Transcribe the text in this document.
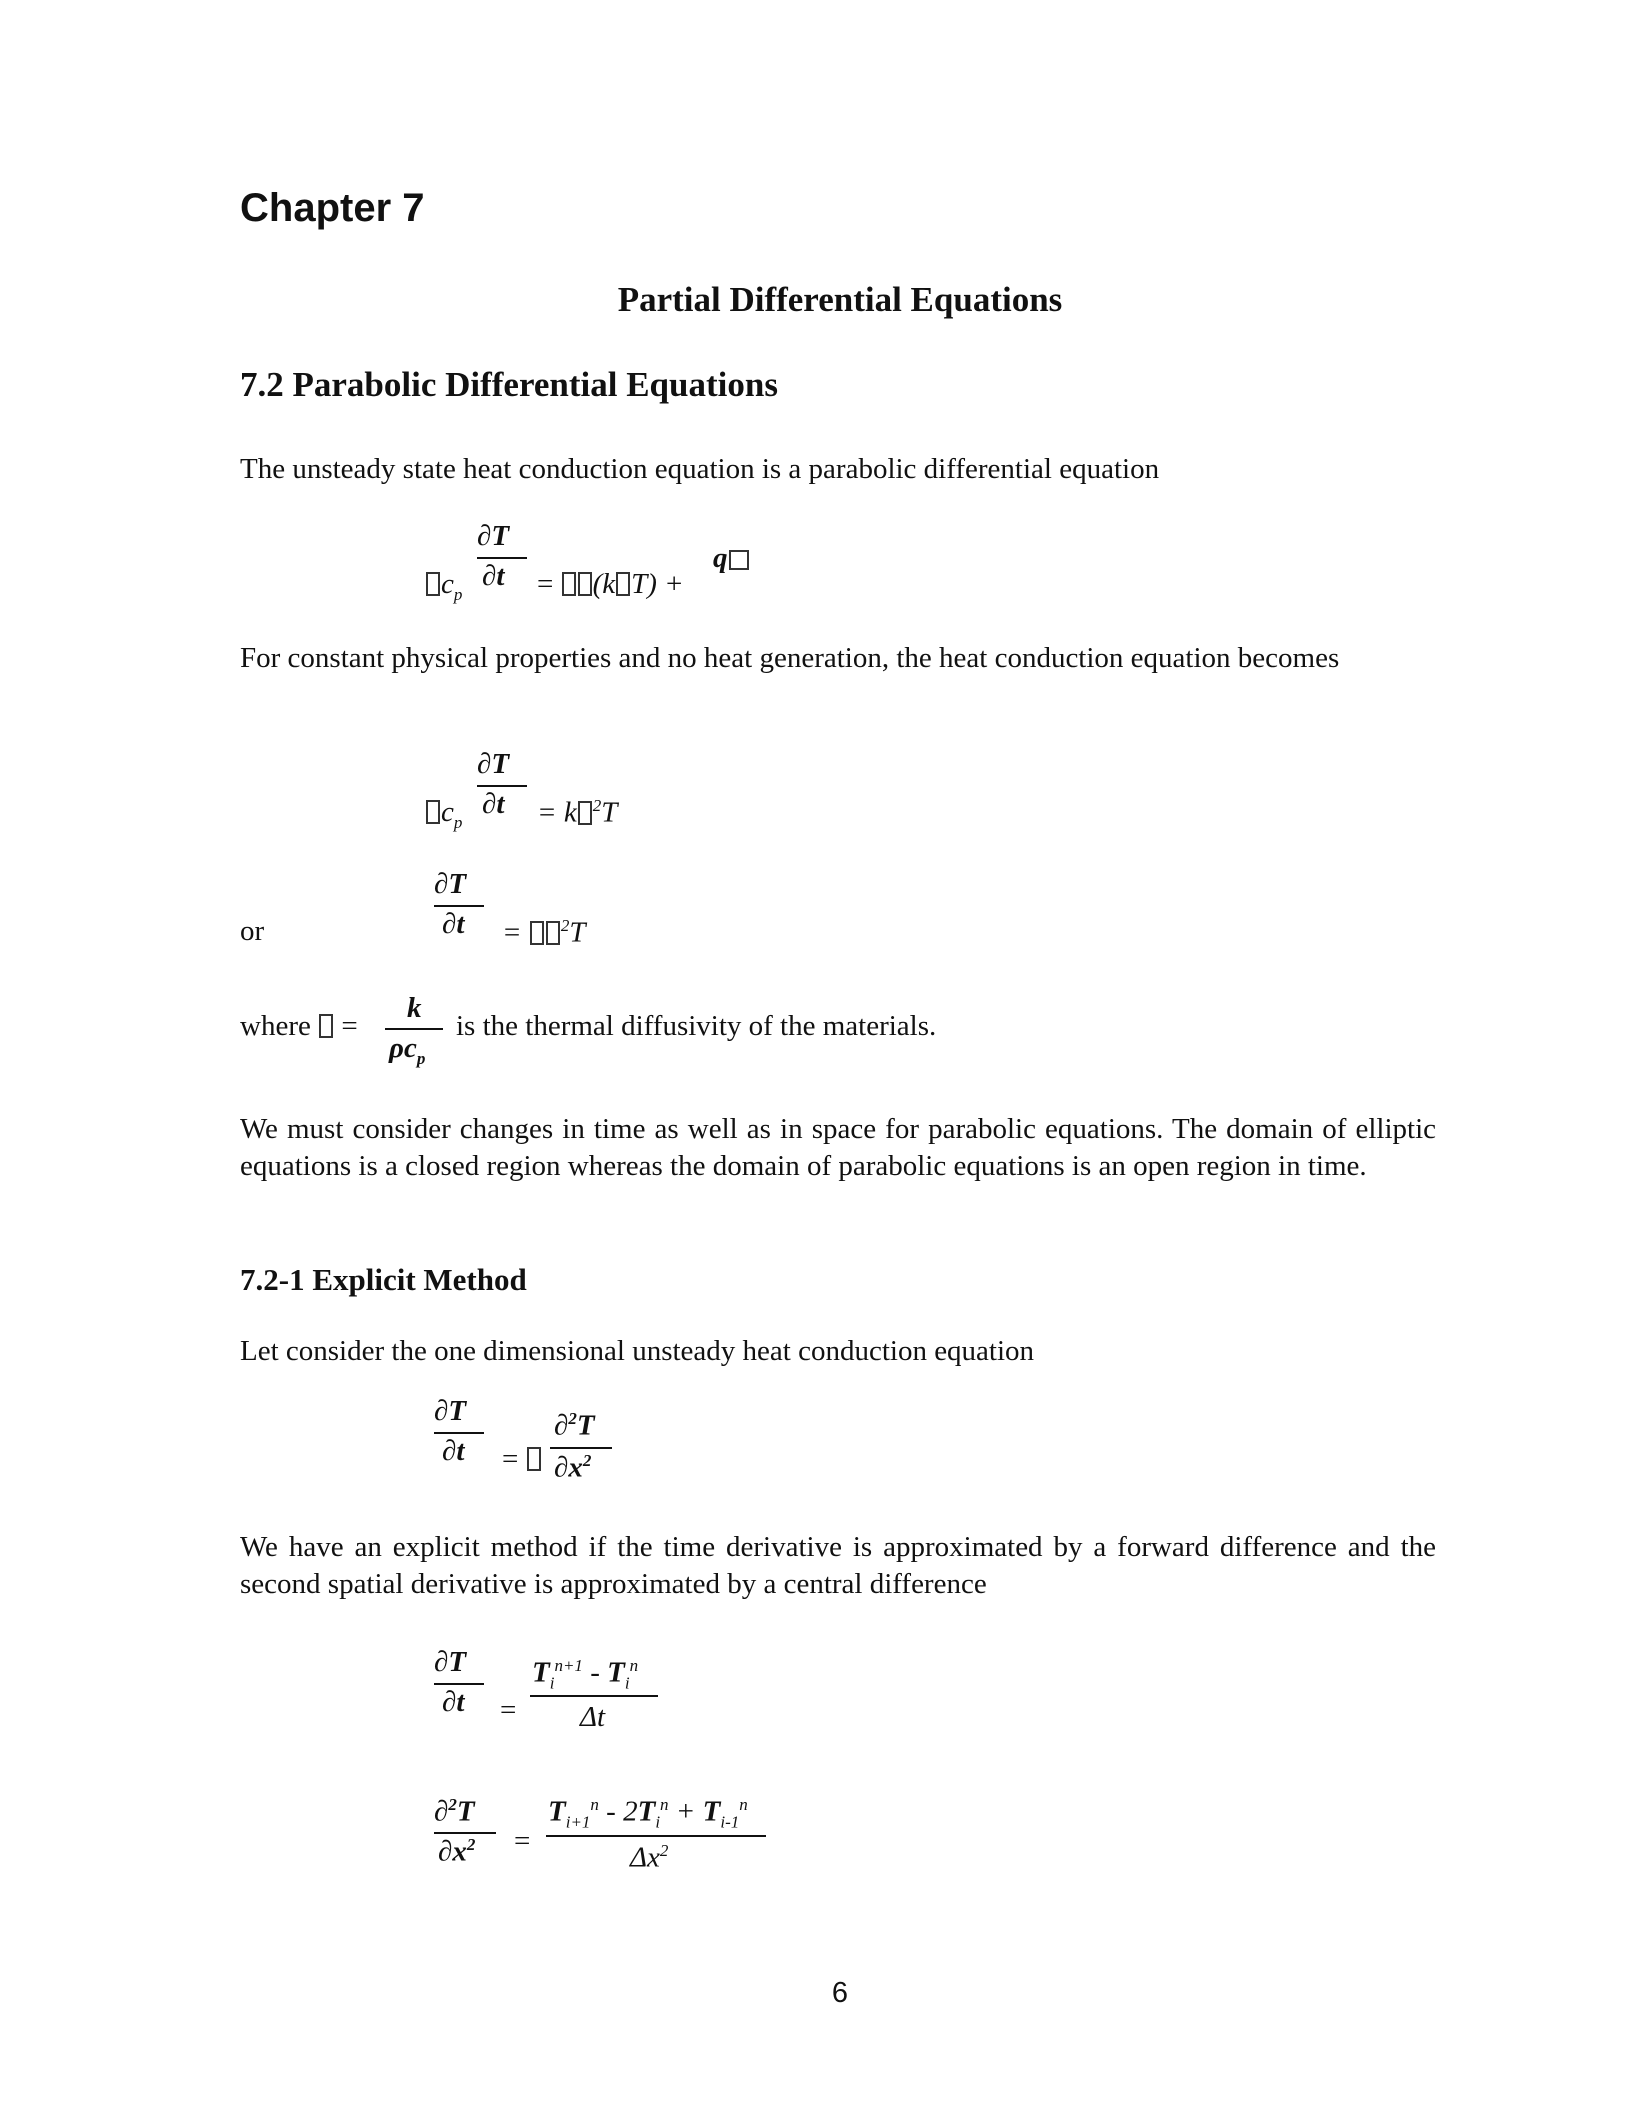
Chapter 7
Partial Differential Equations
7.2 Parabolic Differential Equations
The unsteady state heat conduction equation is a parabolic differential equation
$c_p$
∂T
∂t = (k T) +
q
For constant physical properties and no heat generation, the heat conduction equation becomes
$c_p$
∂T
∂t = k $^2$T
or
∂T
∂t = $^2$T
where =
k
$\rho c_p$
is the thermal diffusivity of the materials.
We must consider changes in time as well as in space for parabolic equations. The domain of elliptic equations is a closed region whereas the domain of parabolic equations is an open region in time.
7.2-1 Explicit Method
Let consider the one dimensional unsteady heat conduction equation
∂T
∂t =
∂$^2$T
$\partial x^2$
We have an explicit method if the time derivative is approximated by a forward difference and the second spatial derivative is approximated by a central difference
∂T
∂t =
$T_i^{n+1} - T_i^n$
Δt
∂$^2$T
$\partial x^2$ =
$T_{i+1}^n - 2T_i^n + T_{i-1}^n$
$\Delta x^2$
6
